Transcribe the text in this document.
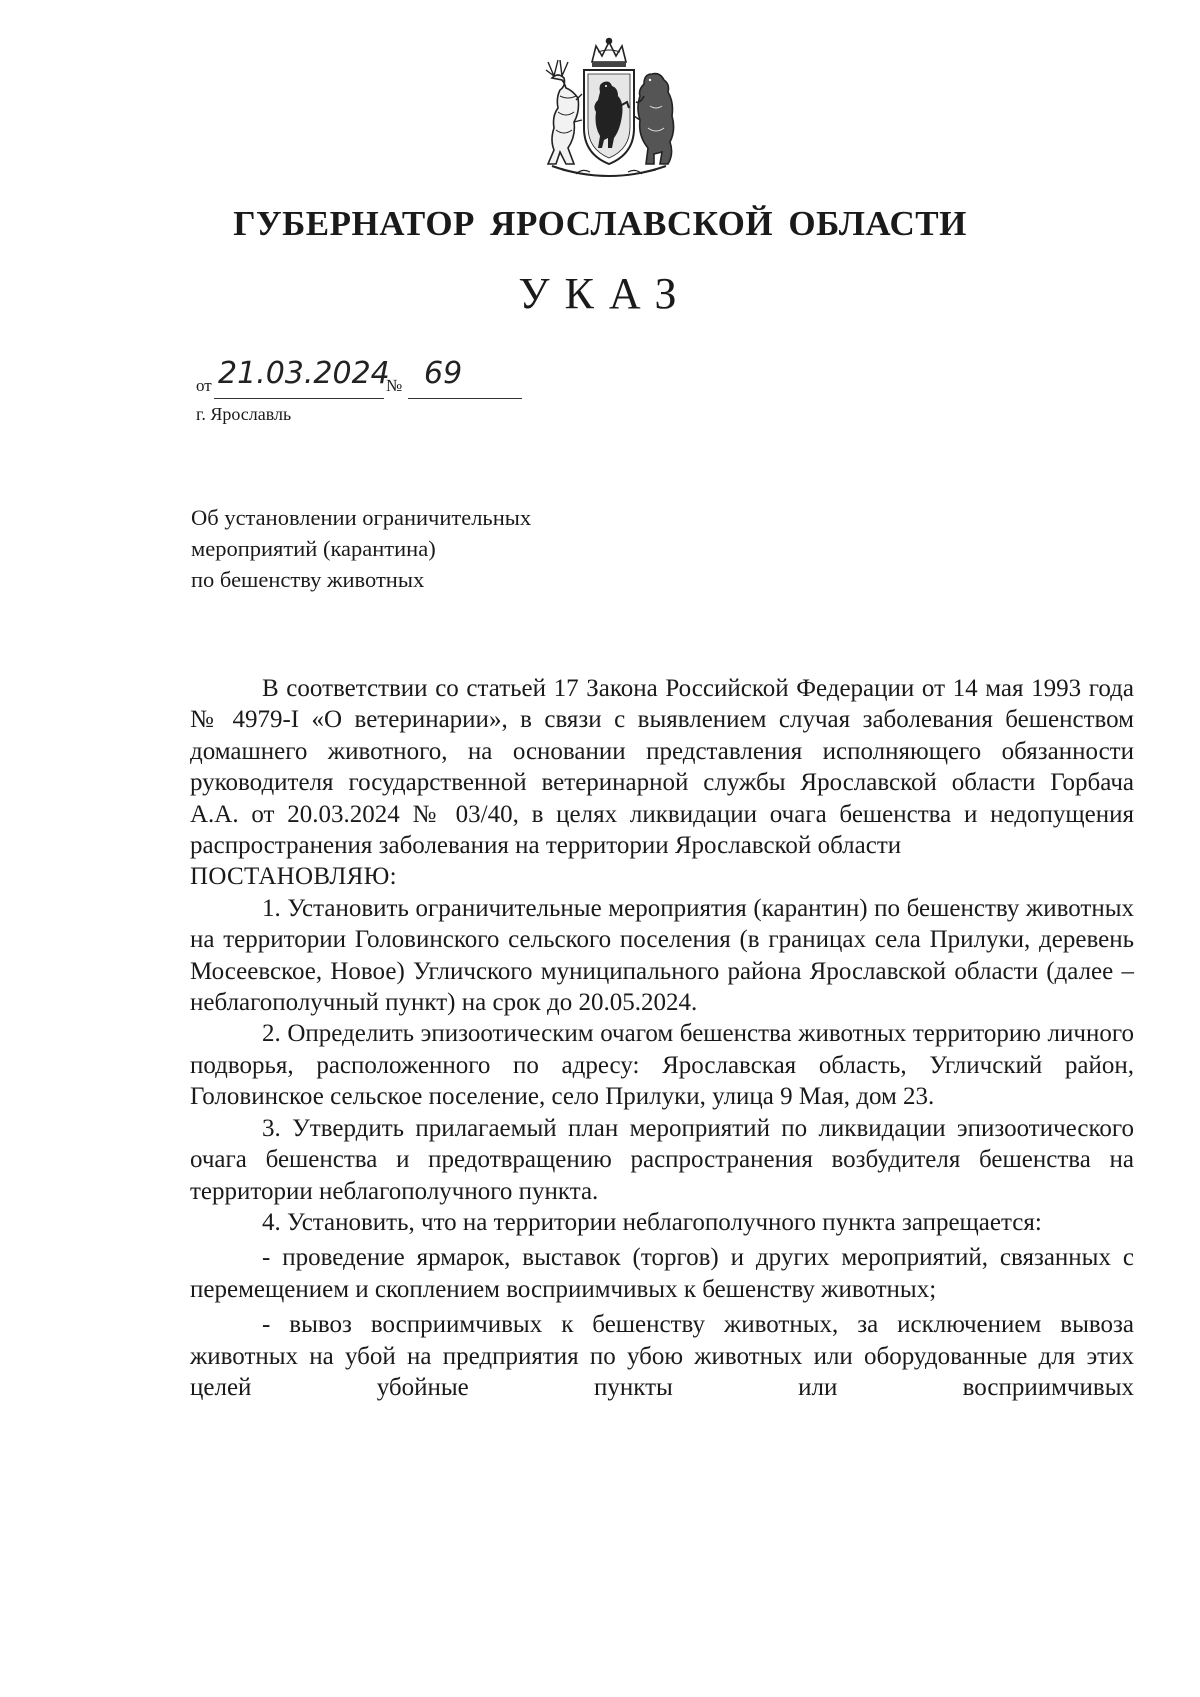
ГУБЕРНАТОР ЯРОСЛАВСКОЙ ОБЛАСТИ
УКАЗ
от 21.03.2024
№ 69
г. Ярославль
Об установлении ограничительных
мероприятий (карантина)
по бешенству животных

В соответствии со статьей 17 Закона Российской Федерации от 14 мая 1993 года № 4979-I «О ветеринарии», в связи с выявлением случая заболевания бешенством домашнего животного, на основании представления исполняющего обязанности руководителя государственной ветеринарной службы Ярославской области Горбача А.А. от 20.03.2024 № 03/40, в целях ликвидации очага бешенства и недопущения распространения заболевания на территории Ярославской области

ПОСТАНОВЛЯЮ:

1. Установить ограничительные мероприятия (карантин) по бешенству животных на территории Головинского сельского поселения (в границах села Прилуки, деревень Мосеевское, Новое) Угличского муниципального района Ярославской области (далее – неблагополучный пункт) на срок до 20.05.2024.

2. Определить эпизоотическим очагом бешенства животных территорию личного подворья, расположенного по адресу: Ярославская область, Угличский район, Головинское сельское поселение, село Прилуки, улица 9 Мая, дом 23.

3. Утвердить прилагаемый план мероприятий по ликвидации эпизоотического очага бешенства и предотвращению распространения возбудителя бешенства на территории неблагополучного пункта.

4. Установить, что на территории неблагополучного пункта запрещается:

- проведение ярмарок, выставок (торгов) и других мероприятий, связанных с перемещением и скоплением восприимчивых к бешенству животных;

- вывоз восприимчивых к бешенству животных, за исключением вывоза животных на убой на предприятия по убою животных или оборудованные для этих целей убойные пункты или восприимчивых
